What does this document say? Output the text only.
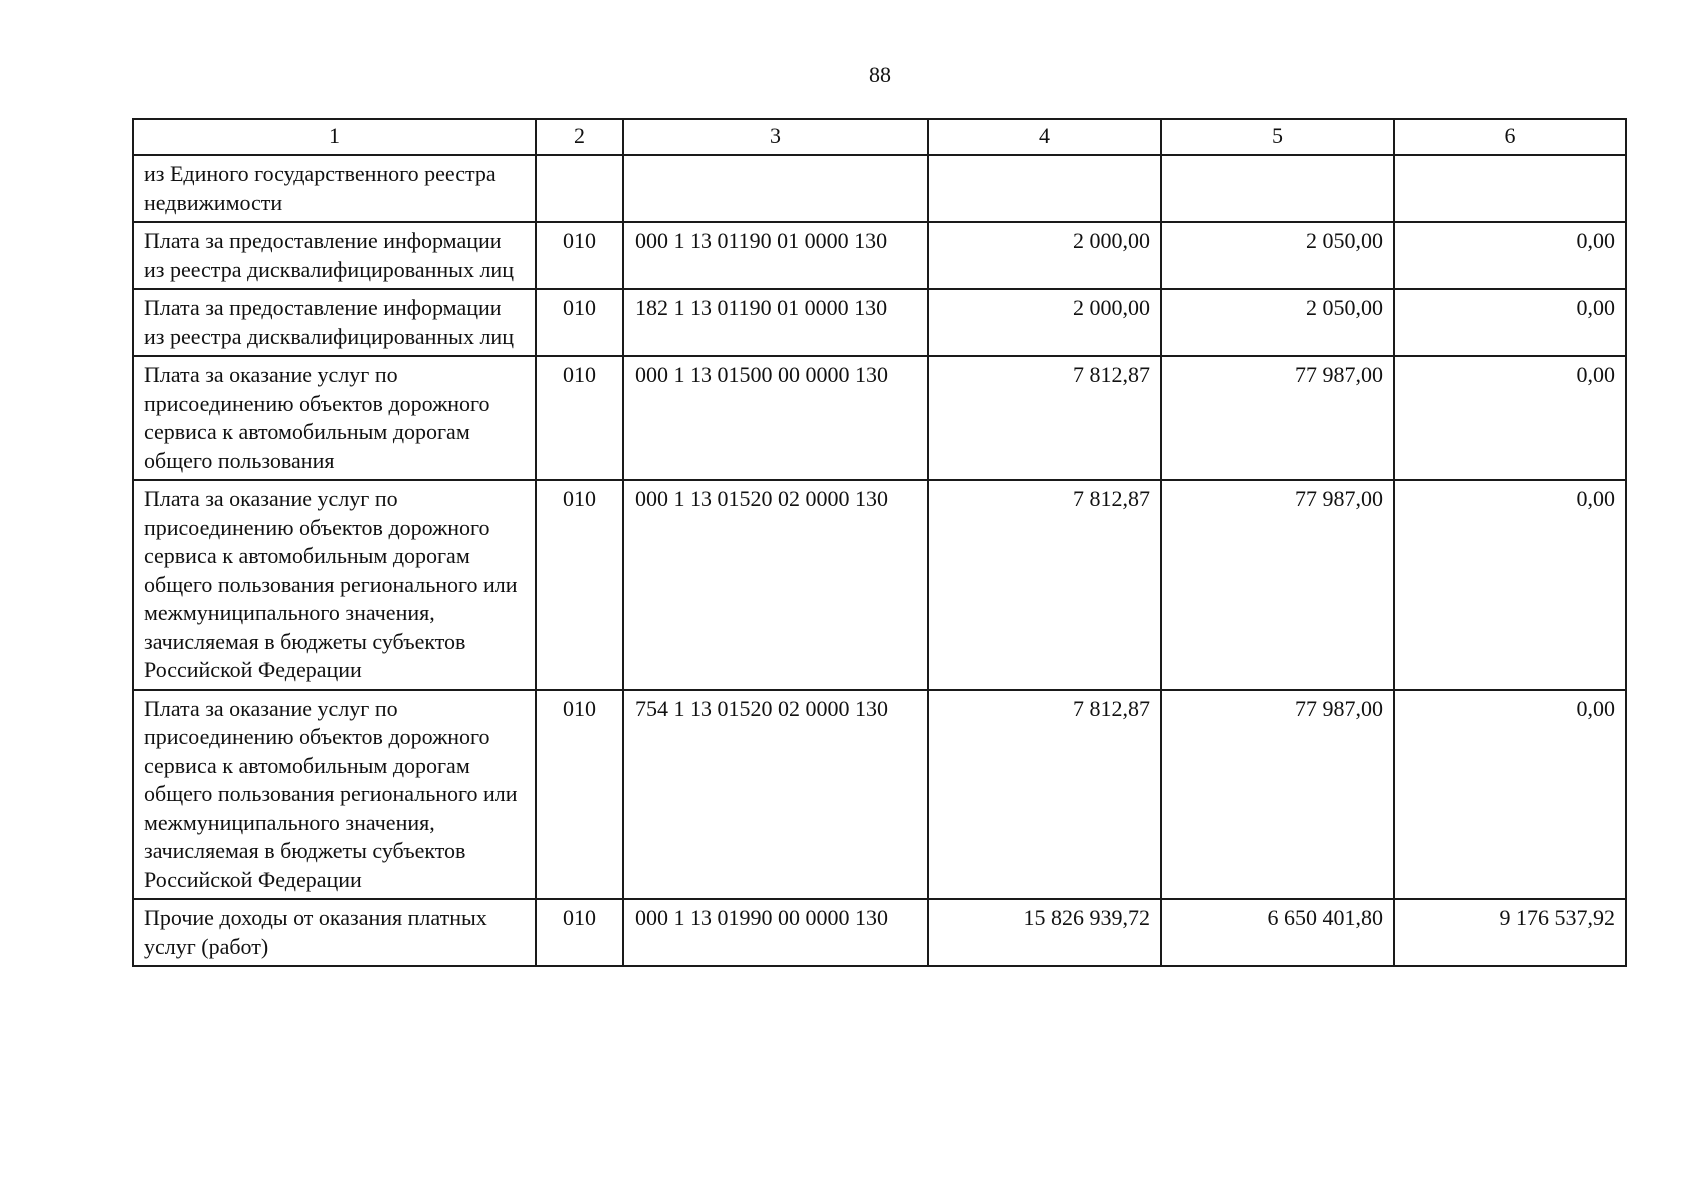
88
1	2	3	4	5	6
из Единого государственного реестра недвижимости					
Плата за предоставление информации из реестра дисквалифицированных лиц	010	000 1 13 01190 01 0000 130	2 000,00	2 050,00	0,00
Плата за предоставление информации из реестра дисквалифицированных лиц	010	182 1 13 01190 01 0000 130	2 000,00	2 050,00	0,00
Плата за оказание услуг по присоединению объектов дорожного сервиса к автомобильным дорогам общего пользования	010	000 1 13 01500 00 0000 130	7 812,87	77 987,00	0,00
Плата за оказание услуг по присоединению объектов дорожного сервиса к автомобильным дорогам общего пользования регионального или межмуниципального значения, зачисляемая в бюджеты субъектов Российской Федерации	010	000 1 13 01520 02 0000 130	7 812,87	77 987,00	0,00
Плата за оказание услуг по присоединению объектов дорожного сервиса к автомобильным дорогам общего пользования регионального или межмуниципального значения, зачисляемая в бюджеты субъектов Российской Федерации	010	754 1 13 01520 02 0000 130	7 812,87	77 987,00	0,00
Прочие доходы от оказания платных услуг (работ)	010	000 1 13 01990 00 0000 130	15 826 939,72	6 650 401,80	9 176 537,92
